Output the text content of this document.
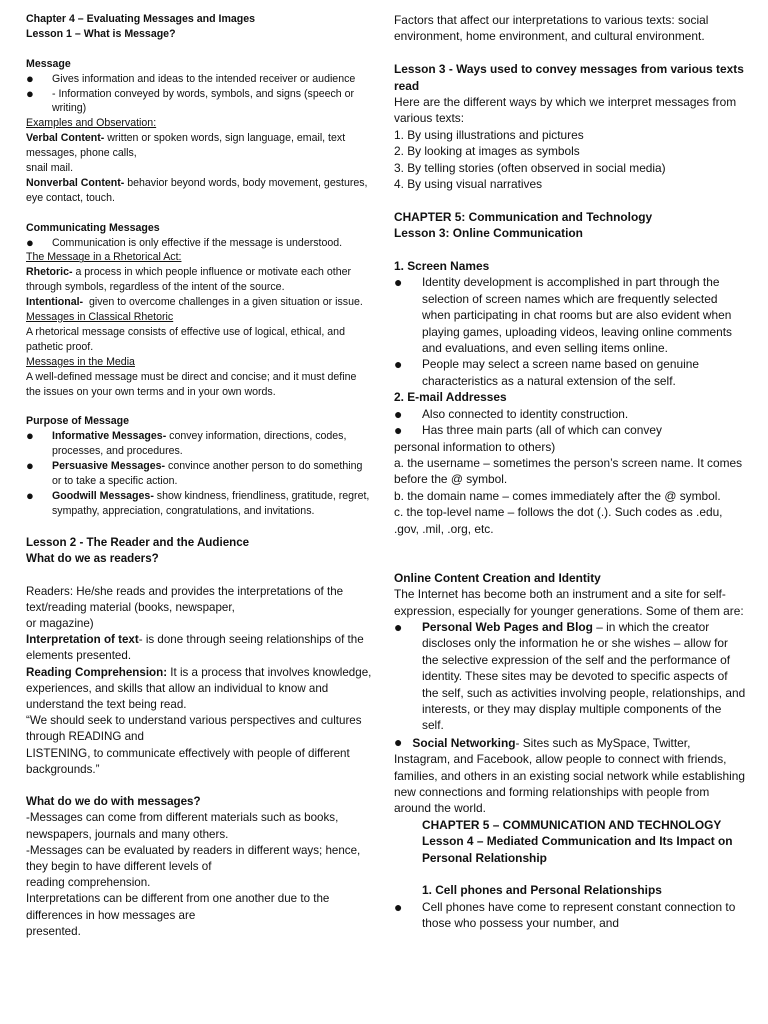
Chapter 4 – Evaluating Messages and Images
Lesson 1 – What is Message?
Message
● Gives information and ideas to the intended receiver or audience
● - Information conveyed by words, symbols, and signs (speech or writing)
Examples and Observation:
Verbal Content- written or spoken words, sign language, email, text messages, phone calls,
snail mail.
Nonverbal Content- behavior beyond words, body movement, gestures, eye contact, touch.
Communicating Messages
● Communication is only effective if the message is understood.
The Message in a Rhetorical Act:
Rhetoric- a process in which people influence or motivate each other through symbols, regardless of the intent of the source.
Intentional-  given to overcome challenges in a given situation or issue.
Messages in Classical Rhetoric
A rhetorical message consists of effective use of logical, ethical, and pathetic proof.
Messages in the Media
A well-defined message must be direct and concise; and it must define the issues on your own terms and in your own words.
Purpose of Message
● Informative Messages- convey information, directions, codes, processes, and procedures.
● Persuasive Messages- convince another person to do something or to take a specific action.
● Goodwill Messages- show kindness, friendliness, gratitude, regret, sympathy, appreciation, congratulations, and invitations.
Lesson 2 - The Reader and the Audience
What do we as readers?
Readers: He/she reads and provides the interpretations of the text/reading material (books, newspaper,
or magazine)
Interpretation of text- is done through seeing relationships of the elements presented.
Reading Comprehension: It is a process that involves knowledge, experiences, and skills that allow an individual to know and understand the text being read.
“We should seek to understand various perspectives and cultures through READING and
LISTENING, to communicate effectively with people of different backgrounds.”
What do we do with messages?
-Messages can come from different materials such as books, newspapers, journals and many others.
-Messages can be evaluated by readers in different ways; hence, they begin to have different levels of
reading comprehension.
Interpretations can be different from one another due to the differences in how messages are
presented.
Factors that affect our interpretations to various texts: social environment, home environment, and cultural environment.
Lesson 3 - Ways used to convey messages from various texts read
Here are the different ways by which we interpret messages from various texts:
1. By using illustrations and pictures
2. By looking at images as symbols
3. By telling stories (often observed in social media)
4. By using visual narratives
CHAPTER 5: Communication and Technology
Lesson 3: Online Communication
1. Screen Names
● Identity development is accomplished in part through the selection of screen names which are frequently selected when participating in chat rooms but are also evident when playing games, uploading videos, leaving online comments and evaluations, and even selling items online.
● People may select a screen name based on genuine characteristics as a natural extension of the self.
2. E-mail Addresses
● Also connected to identity construction.
● Has three main parts (all of which can convey
personal information to others)
a. the username – sometimes the person’s screen name. It comes before the @ symbol.
b. the domain name – comes immediately after the @ symbol.
c. the top-level name – follows the dot (.). Such codes as .edu, .gov, .mil, .org, etc.
Online Content Creation and Identity
The Internet has become both an instrument and a site for self-expression, especially for younger generations. Some of them are:
● Personal Web Pages and Blog – in which the creator discloses only the information he or she wishes – allow for the selective expression of the self and the performance of identity. These sites may be devoted to specific aspects of the self, such as activities involving people, relationships, and interests, or they may display multiple components of the self.
● Social Networking- Sites such as MySpace, Twitter, Instagram, and Facebook, allow people to connect with friends, families, and others in an existing social network while establishing new connections and forming relationships with people from around the world.
CHAPTER 5 – COMMUNICATION AND TECHNOLOGY
Lesson 4 – Mediated Communication and Its Impact on Personal Relationship
1. Cell phones and Personal Relationships
● Cell phones have come to represent constant connection to those who possess your number, and
